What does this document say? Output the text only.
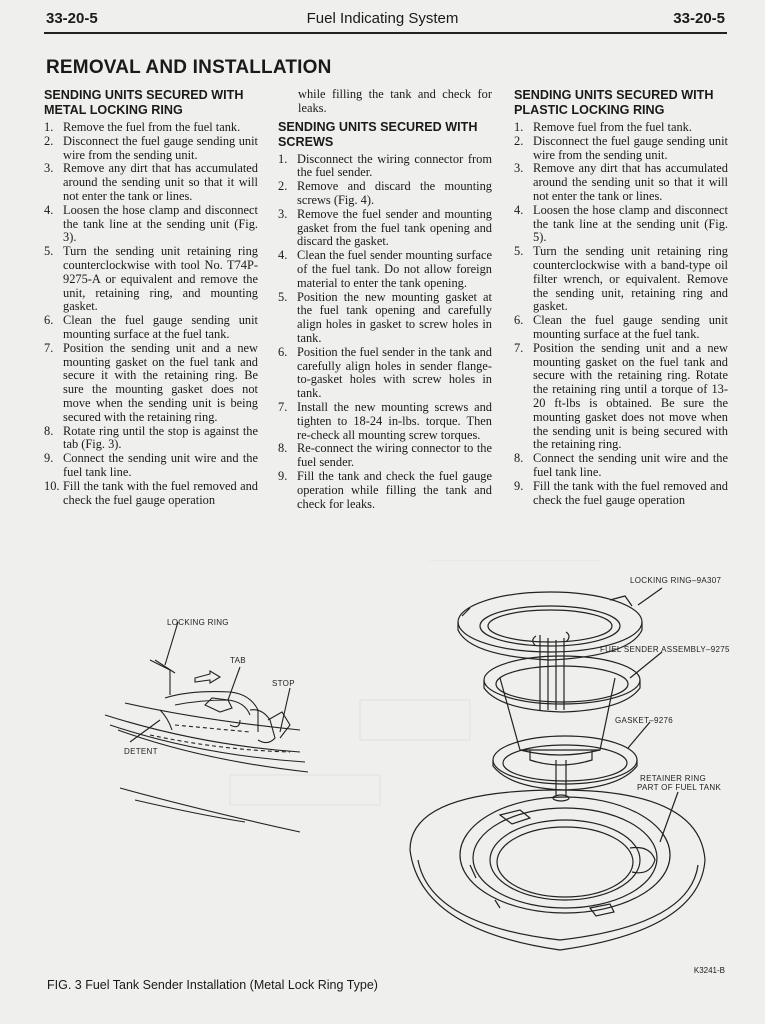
33-20-5	Fuel Indicating System	33-20-5
REMOVAL AND INSTALLATION
SENDING UNITS SECURED WITH METAL LOCKING RING
1. Remove the fuel from the fuel tank.
2. Disconnect the fuel gauge sending unit wire from the sending unit.
3. Remove any dirt that has accumulated around the sending unit so that it will not enter the tank or lines.
4. Loosen the hose clamp and disconnect the tank line at the sending unit (Fig. 3).
5. Turn the sending unit retaining ring counterclockwise with tool No. T74P-9275-A or equivalent and remove the unit, retaining ring, and mounting gasket.
6. Clean the fuel gauge sending unit mounting surface at the fuel tank.
7. Position the sending unit and a new mounting gasket on the fuel tank and secure it with the retaining ring. Be sure the mounting gasket does not move when the sending unit is being secured with the retaining ring.
8. Rotate ring until the stop is against the tab (Fig. 3).
9. Connect the sending unit wire and the fuel tank line.
10. Fill the tank with the fuel removed and check the fuel gauge operation
while filling the tank and check for leaks.
SENDING UNITS SECURED WITH SCREWS
1. Disconnect the wiring connector from the fuel sender.
2. Remove and discard the mounting screws (Fig. 4).
3. Remove the fuel sender and mounting gasket from the fuel tank opening and discard the gasket.
4. Clean the fuel sender mounting surface of the fuel tank. Do not allow foreign material to enter the tank opening.
5. Position the new mounting gasket at the fuel tank opening and carefully align holes in gasket to screw holes in tank.
6. Position the fuel sender in the tank and carefully align holes in sender flange-to-gasket holes with screw holes in tank.
7. Install the new mounting screws and tighten to 18-24 in-lbs. torque. Then re-check all mounting screw torques.
8. Re-connect the wiring connector to the fuel sender.
9. Fill the tank and check the fuel gauge operation while filling the tank and check for leaks.
SENDING UNITS SECURED WITH PLASTIC LOCKING RING
1. Remove fuel from the fuel tank.
2. Disconnect the fuel gauge sending unit wire from the sending unit.
3. Remove any dirt that has accumulated around the sending unit so that it will not enter the tank or lines.
4. Loosen the hose clamp and disconnect the tank line at the sending unit (Fig. 5).
5. Turn the sending unit retaining ring counterclockwise with a band-type oil filter wrench, or equivalent. Remove the sending unit, retaining ring and gasket.
6. Clean the fuel gauge sending unit mounting surface at the fuel tank.
7. Position the sending unit and a new mounting gasket on the fuel tank and secure with the retaining ring. Rotate the retaining ring until a torque of 13-20 ft-lbs is obtained. Be sure the mounting gasket does not move when the sending unit is being secured with the retaining ring.
8. Connect the sending unit wire and the fuel tank line.
9. Fill the tank with the fuel removed and check the fuel gauge operation
LOCKING RING
TAB
STOP
DETENT
LOCKING RING–9A307
FUEL SENDER ASSEMBLY–9275
GASKET–9276
RETAINER RING
PART OF FUEL TANK
K3241-B
FIG. 3 Fuel Tank Sender Installation (Metal Lock Ring Type)
